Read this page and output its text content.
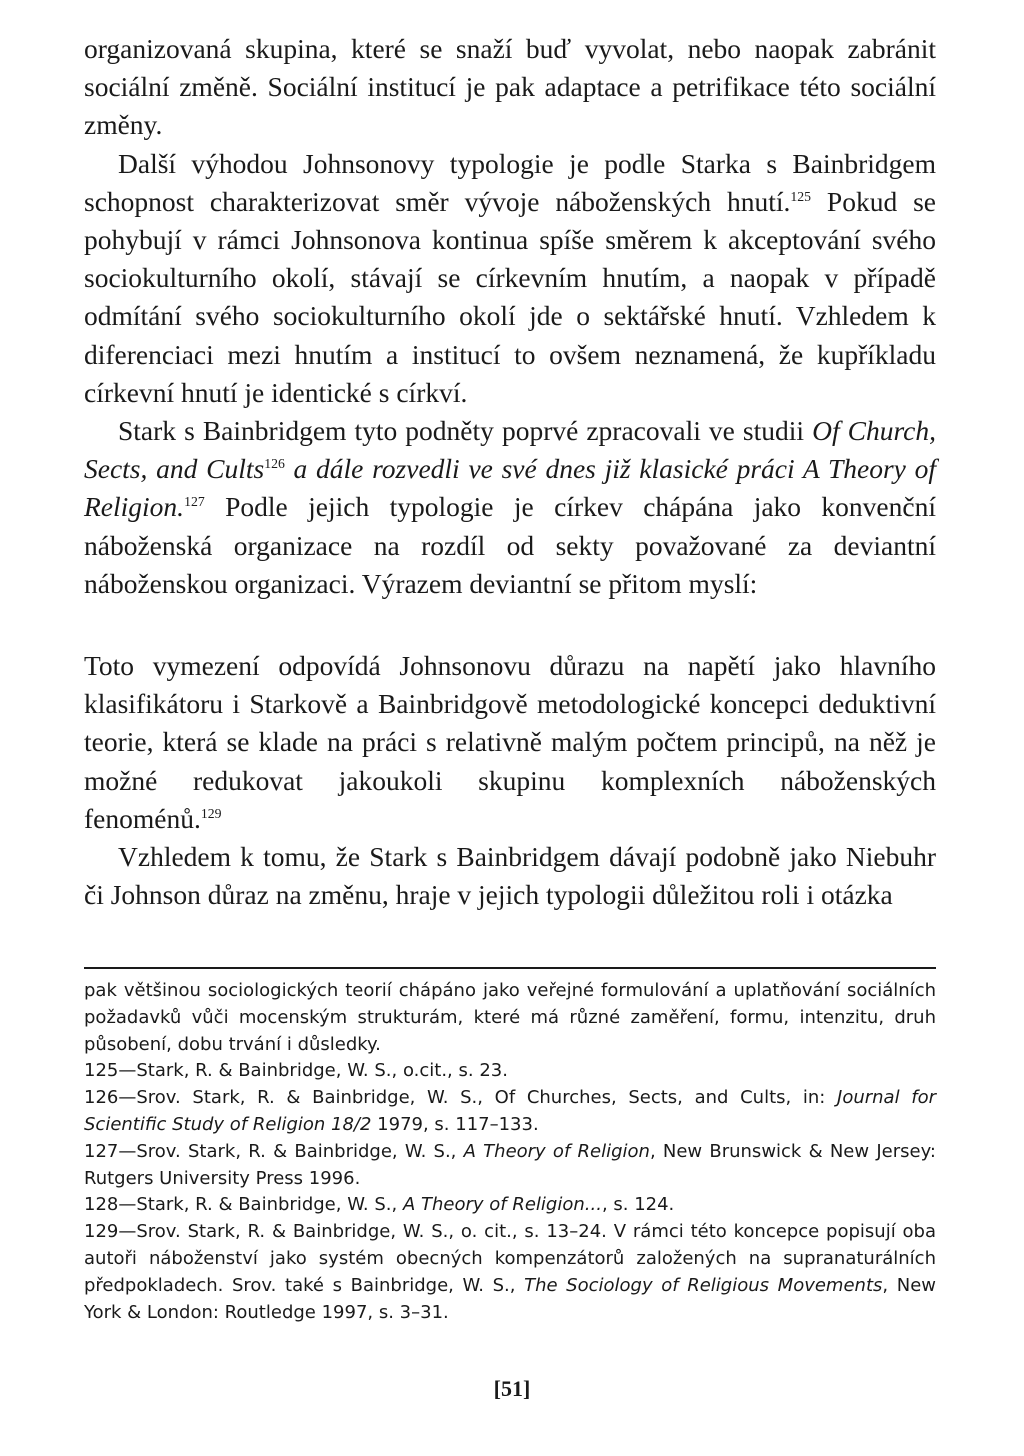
organizovaná skupina, které se snaží buď vyvolat, nebo naopak zabránit sociální změně. Sociální institucí je pak adaptace a petrifikace této sociální změny.

Další výhodou Johnsonovy typologie je podle Starka s Bainbridgem schopnost charakterizovat směr vývoje náboženských hnutí.$^{125}$ Pokud se pohybují v rámci Johnsonova kontinua spíše směrem k akceptování svého sociokulturního okolí, stávají se církevním hnutím, a naopak v případě odmítání svého sociokulturního okolí jde o sektářské hnutí. Vzhledem k diferenciaci mezi hnutím a institucí to ovšem neznamená, že kupříkladu církevní hnutí je identické s církví.

Stark s Bainbridgem tyto podněty poprvé zpracovali ve studii Of Church, Sects, and Cults$^{126}$ a dále rozvedli ve své dnes již klasické práci A Theory of Religion.$^{127}$ Podle jejich typologie je církev chápána jako konvenční náboženská organizace na rozdíl od sekty považované za deviantní náboženskou organizaci. Výrazem deviantní se přitom myslí:

Toto vymezení odpovídá Johnsonovu důrazu na napětí jako hlavního klasifikátoru i Starkově a Bainbridgově metodologické koncepci deduktivní teorie, která se klade na práci s relativně malým počtem principů, na něž je možné redukovat jakoukoli skupinu komplexních náboženských fenoménů.$^{129}$

Vzhledem k tomu, že Stark s Bainbridgem dávají podobně jako Niebuhr či Johnson důraz na změnu, hraje v jejich typologii důležitou roli i otázka

pak většinou sociologických teorií chápáno jako veřejné formulování a uplatňování sociálních požadavků vůči mocenským strukturám, které má různé zaměření, formu, intenzitu, druh působení, dobu trvání i důsledky.

125—Stark, R. & Bainbridge, W. S., o.cit., s. 23.

126—Srov. Stark, R. & Bainbridge, W. S., Of Churches, Sects, and Cults, in: Journal for Scientific Study of Religion 18/2 1979, s. 117–133.

127—Srov. Stark, R. & Bainbridge, W. S., A Theory of Religion, New Brunswick & New Jersey: Rutgers University Press 1996.

128—Stark, R. & Bainbridge, W. S., A Theory of Religion..., s. 124.

129—Srov. Stark, R. & Bainbridge, W. S., o. cit., s. 13–24. V rámci této koncepce popisují oba autoři náboženství jako systém obecných kompenzátorů založených na supranaturálních předpokladech. Srov. také s Bainbridge, W. S., The Sociology of Religious Movements, New York & London: Routledge 1997, s. 3–31.

[51]
